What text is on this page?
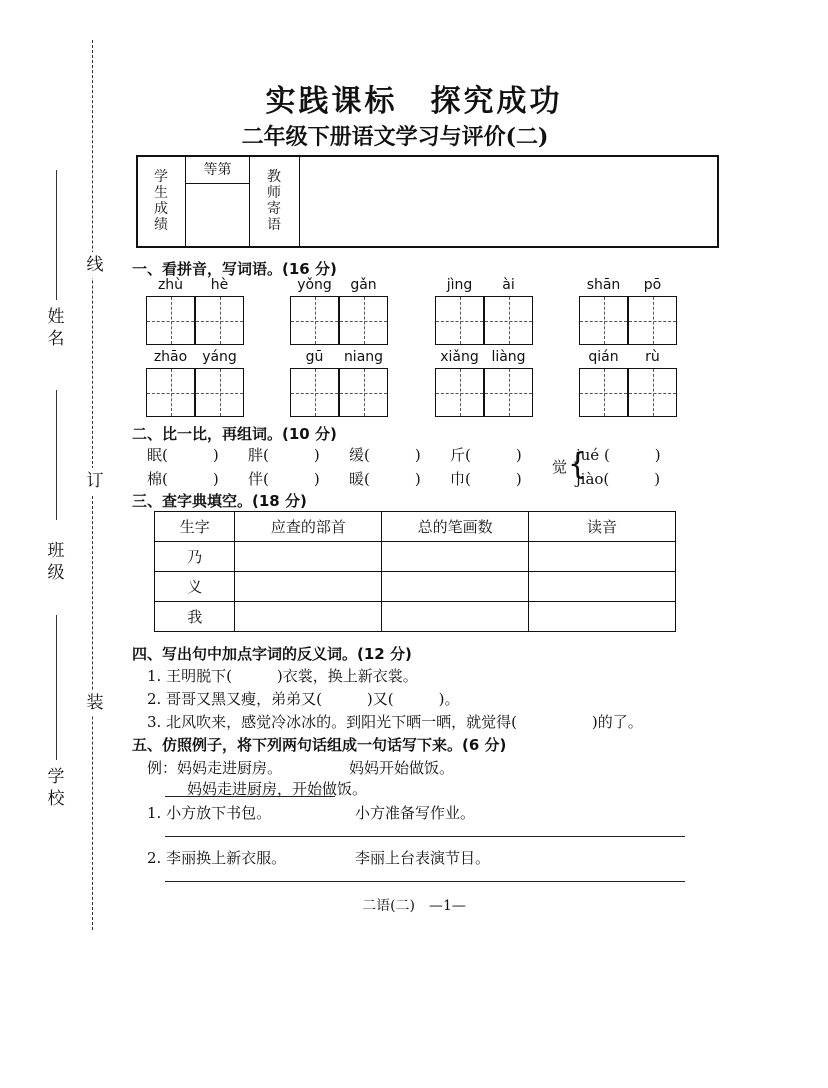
实践课标　探究成功
二年级下册语文学习与评价(二)
线
订
装
姓名
班级
学校
学生成绩
等第	教师寄语
一、看拼音，写词语。(16 分)
zhù	hè	yǒng	gǎn	jìng	ài	shān	pō
zhāo	yáng	gū	niang	xiǎng liàng	qián	rù
二、比一比，再组词。(10 分)
眠(　　　) 胖(　　　) 缓(　　　) 斤(　　　)
棉(　　　) 伴(　　　) 暖(　　　) 巾(　　　)
觉 {
jué (　　　)
jiào(　　　)
三、查字典填空。(18 分)
生字	应查的部首	总的笔画数	读音
乃			
义			
我			
四、写出句中加点字词的反义词。(12 分)
1. 王明脱下(　　　)衣裳，换上新衣裳。
2. 哥哥又黑又瘦，弟弟又(　　　)又(　　　)。
3. 北风吹来，感觉冷冰冰的。到阳光下晒一晒，就觉得(　　　　　)的了。
五、仿照例子，将下列两句话组成一句话写下来。(6 分)
例：妈妈走进厨房。	妈妈开始做饭。
妈妈走进厨房，开始做饭。
1. 小方放下书包。	小方准备写作业。
2. 李丽换上新衣服。	李丽上台表演节目。
二语(二)　—1—
